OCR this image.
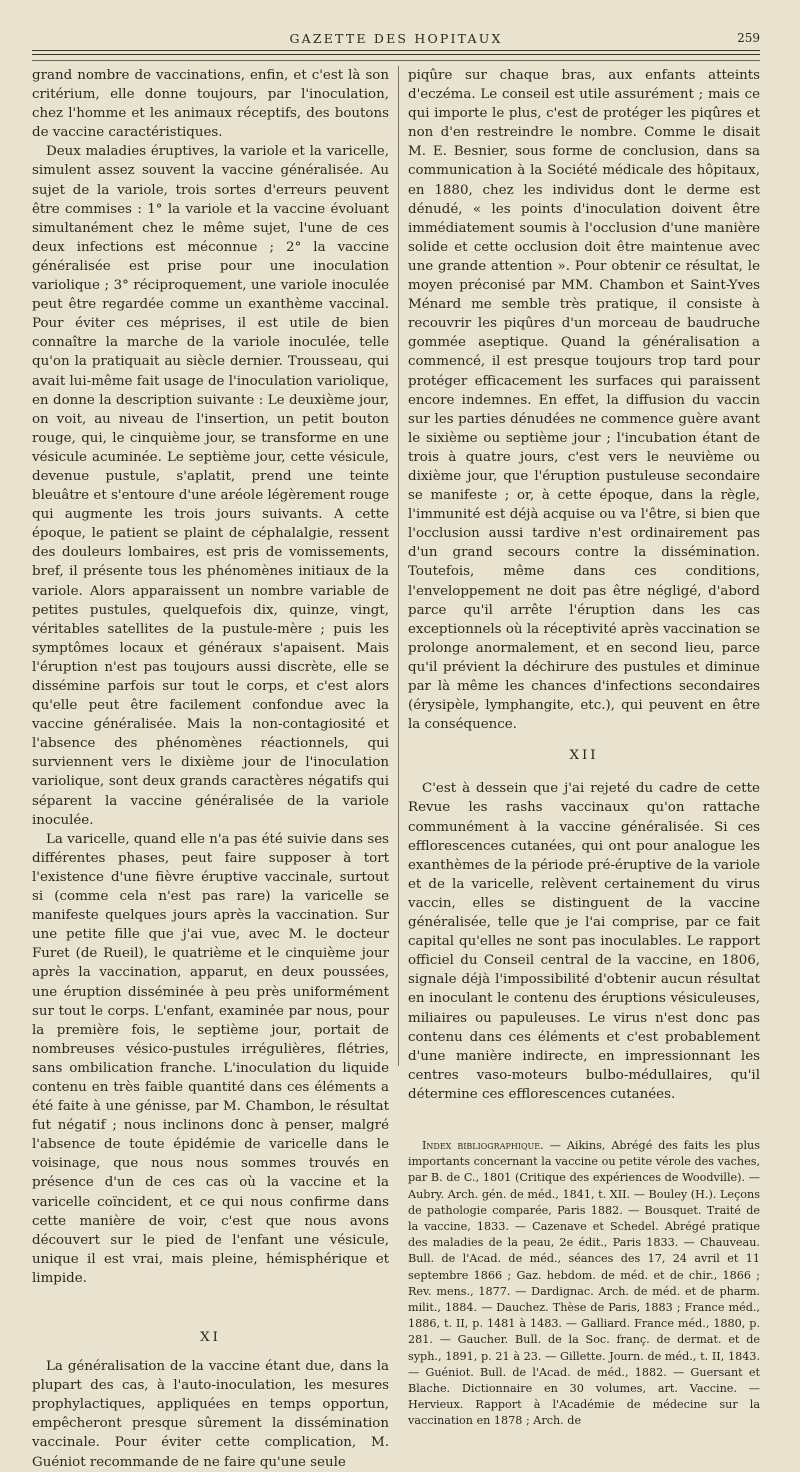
GAZETTE DES HOPITAUX	259

grand nombre de vaccinations, enfin, et c'est là son critérium, elle donne toujours, par l'inoculation, chez l'homme et les animaux réceptifs, des boutons de vaccine caractéristiques.

Deux maladies éruptives, la variole et la varicelle, simulent assez souvent la vaccine généralisée. Au sujet de la variole, trois sortes d'erreurs peuvent être commises : 1° la variole et la vaccine évoluant simultanément chez le même sujet, l'une de ces deux infections est méconnue ; 2° la vaccine généralisée est prise pour une inoculation variolique ; 3° réciproquement, une variole inoculée peut être regardée comme un exanthème vaccinal. Pour éviter ces méprises, il est utile de bien connaître la marche de la variole inoculée, telle qu'on la pratiquait au siècle dernier. Trousseau, qui avait lui-même fait usage de l'inoculation variolique, en donne la description suivante : Le deuxième jour, on voit, au niveau de l'insertion, un petit bouton rouge, qui, le cinquième jour, se transforme en une vésicule acuminée. Le septième jour, cette vésicule, devenue pustule, s'aplatit, prend une teinte bleuâtre et s'entoure d'une aréole légèrement rouge qui augmente les trois jours suivants. A cette époque, le patient se plaint de céphalalgie, ressent des douleurs lombaires, est pris de vomissements, bref, il présente tous les phénomènes initiaux de la variole. Alors apparaissent un nombre variable de petites pustules, quelquefois dix, quinze, vingt, véritables satellites de la pustule-mère ; puis les symptômes locaux et généraux s'apaisent. Mais l'éruption n'est pas toujours aussi discrète, elle se dissémine parfois sur tout le corps, et c'est alors qu'elle peut être facilement confondue avec la vaccine généralisée. Mais la non-contagiosité et l'absence des phénomènes réactionnels, qui surviennent vers le dixième jour de l'inoculation variolique, sont deux grands caractères négatifs qui séparent la vaccine généralisée de la variole inoculée.

La varicelle, quand elle n'a pas été suivie dans ses différentes phases, peut faire supposer à tort l'existence d'une fièvre éruptive vaccinale, surtout si (comme cela n'est pas rare) la varicelle se manifeste quelques jours après la vaccination. Sur une petite fille que j'ai vue, avec M. le docteur Furet (de Rueil), le quatrième et le cinquième jour après la vaccination, apparut, en deux poussées, une éruption disséminée à peu près uniformément sur tout le corps. L'enfant, examinée par nous, pour la première fois, le septième jour, portait de nombreuses vésico-pustules irrégulières, flétries, sans ombilication franche. L'inoculation du liquide contenu en très faible quantité dans ces éléments a été faite à une génisse, par M. Chambon, le résultat fut négatif ; nous inclinons donc à penser, malgré l'absence de toute épidémie de varicelle dans le voisinage, que nous nous sommes trouvés en présence d'un de ces cas où la vaccine et la varicelle coïncident, et ce qui nous confirme dans cette manière de voir, c'est que nous avons découvert sur le pied de l'enfant une vésicule, unique il est vrai, mais pleine, hémisphérique et limpide.

XI

La généralisation de la vaccine étant due, dans la plupart des cas, à l'auto-inoculation, les mesures prophylactiques, appliquées en temps opportun, empêcheront presque sûrement la dissémination vaccinale. Pour éviter cette complication, M. Guéniot recommande de ne faire qu'une seule

piqûre sur chaque bras, aux enfants atteints d'eczéma. Le conseil est utile assurément ; mais ce qui importe le plus, c'est de protéger les piqûres et non d'en restreindre le nombre. Comme le disait M. E. Besnier, sous forme de conclusion, dans sa communication à la Société médicale des hôpitaux, en 1880, chez les individus dont le derme est dénudé, « les points d'inoculation doivent être immédiatement soumis à l'occlusion d'une manière solide et cette occlusion doit être maintenue avec une grande attention ». Pour obtenir ce résultat, le moyen préconisé par MM. Chambon et Saint-Yves Ménard me semble très pratique, il consiste à recouvrir les piqûres d'un morceau de baudruche gommée aseptique. Quand la généralisation a commencé, il est presque toujours trop tard pour protéger efficacement les surfaces qui paraissent encore indemnes. En effet, la diffusion du vaccin sur les parties dénudées ne commence guère avant le sixième ou septième jour ; l'incubation étant de trois à quatre jours, c'est vers le neuvième ou dixième jour, que l'éruption pustuleuse secondaire se manifeste ; or, à cette époque, dans la règle, l'immunité est déjà acquise ou va l'être, si bien que l'occlusion aussi tardive n'est ordinairement pas d'un grand secours contre la dissémination. Toutefois, même dans ces conditions, l'enveloppement ne doit pas être négligé, d'abord parce qu'il arrête l'éruption dans les cas exceptionnels où la réceptivité après vaccination se prolonge anormalement, et en second lieu, parce qu'il prévient la déchirure des pustules et diminue par là même les chances d'infections secondaires (érysipèle, lymphangite, etc.), qui peuvent en être la conséquence.

XII

C'est à dessein que j'ai rejeté du cadre de cette Revue les rashs vaccinaux qu'on rattache communément à la vaccine généralisée. Si ces efflorescences cutanées, qui ont pour analogue les exanthèmes de la période pré-éruptive de la variole et de la varicelle, relèvent certainement du virus vaccin, elles se distinguent de la vaccine généralisée, telle que je l'ai comprise, par ce fait capital qu'elles ne sont pas inoculables. Le rapport officiel du Conseil central de la vaccine, en 1806, signale déjà l'impossibilité d'obtenir aucun résultat en inoculant le contenu des éruptions vésiculeuses, miliaires ou papuleuses. Le virus n'est donc pas contenu dans ces éléments et c'est probablement d'une manière indirecte, en impressionnant les centres vaso-moteurs bulbo-médullaires, qu'il détermine ces efflorescences cutanées.

Index bibliographique. — Aikins, Abrégé des faits les plus importants concernant la vaccine ou petite vérole des vaches, par B. de C., 1801 (Critique des expériences de Woodville). — Aubry. Arch. gén. de méd., 1841, t. XII. — Bouley (H.). Leçons de pathologie comparée, Paris 1882. — Bousquet. Traité de la vaccine, 1833. — Cazenave et Schedel. Abrégé pratique des maladies de la peau, 2e édit., Paris 1833. — Chauveau. Bull. de l'Acad. de méd., séances des 17, 24 avril et 11 septembre 1866 ; Gaz. hebdom. de méd. et de chir., 1866 ; Rev. mens., 1877. — Dardignac. Arch. de méd. et de pharm. milit., 1884. — Dauchez. Thèse de Paris, 1883 ; France méd., 1886, t. II, p. 1481 à 1483. — Galliard. France méd., 1880, p. 281. — Gaucher. Bull. de la Soc. franç. de dermat. et de syph., 1891, p. 21 à 23. — Gillette. Journ. de méd., t. II, 1843. — Guéniot. Bull. de l'Acad. de méd., 1882. — Guersant et Blache. Dictionnaire en 30 volumes, art. Vaccine. — Hervieux. Rapport à l'Académie de médecine sur la vaccination en 1878 ; Arch. de
